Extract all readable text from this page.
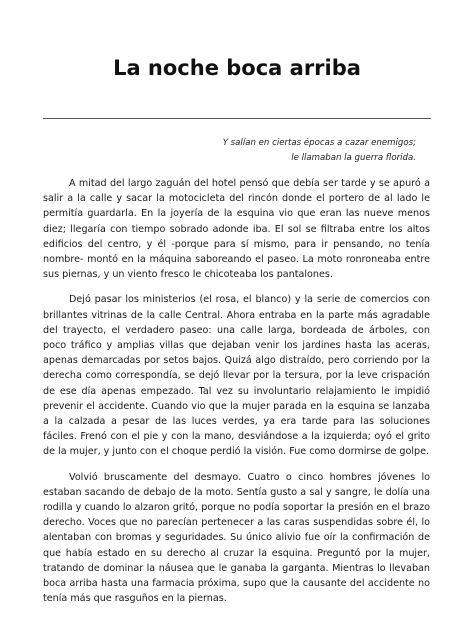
La noche boca arriba
Y salían en ciertas épocas a cazar enemigos;
le llamaban la guerra florida.

A mitad del largo zaguán del hotel pensó que debía ser tarde y se apuró a salir a la calle y sacar la motocicleta del rincón donde el portero de al lado le permitía guardarla. En la joyería de la esquina vio que eran las nueve menos diez; llegaría con tiempo sobrado adonde iba. El sol se filtraba entre los altos edificios del centro, y él -porque para sí mismo, para ir pensando, no tenía nombre- montó en la máquina saboreando el paseo. La moto ronroneaba entre sus piernas, y un viento fresco le chicoteaba los pantalones.

Dejó pasar los ministerios (el rosa, el blanco) y la serie de comercios con brillantes vitrinas de la calle Central. Ahora entraba en la parte más agradable del trayecto, el verdadero paseo: una calle larga, bordeada de árboles, con poco tráfico y amplias villas que dejaban venir los jardines hasta las aceras, apenas demarcadas por setos bajos. Quizá algo distraído, pero corriendo por la derecha como correspondía, se dejó llevar por la tersura, por la leve crispación de ese día apenas empezado. Tal vez su involuntario relajamiento le impidió prevenir el accidente. Cuando vio que la mujer parada en la esquina se lanzaba a la calzada a pesar de las luces verdes, ya era tarde para las soluciones fáciles. Frenó con el pie y con la mano, desviándose a la izquierda; oyó el grito de la mujer, y junto con el choque perdió la visión. Fue como dormirse de golpe.

Volvió bruscamente del desmayo. Cuatro o cinco hombres jóvenes lo estaban sacando de debajo de la moto. Sentía gusto a sal y sangre, le dolía una rodilla y cuando lo alzaron gritó, porque no podía soportar la presión en el brazo derecho. Voces que no parecían pertenecer a las caras suspendidas sobre él, lo alentaban con bromas y seguridades. Su único alivio fue oír la confirmación de que había estado en su derecho al cruzar la esquina. Preguntó por la mujer, tratando de dominar la náusea que le ganaba la garganta. Mientras lo llevaban boca arriba hasta una farmacia próxima, supo que la causante del accidente no tenía más que rasguños en la piernas.
